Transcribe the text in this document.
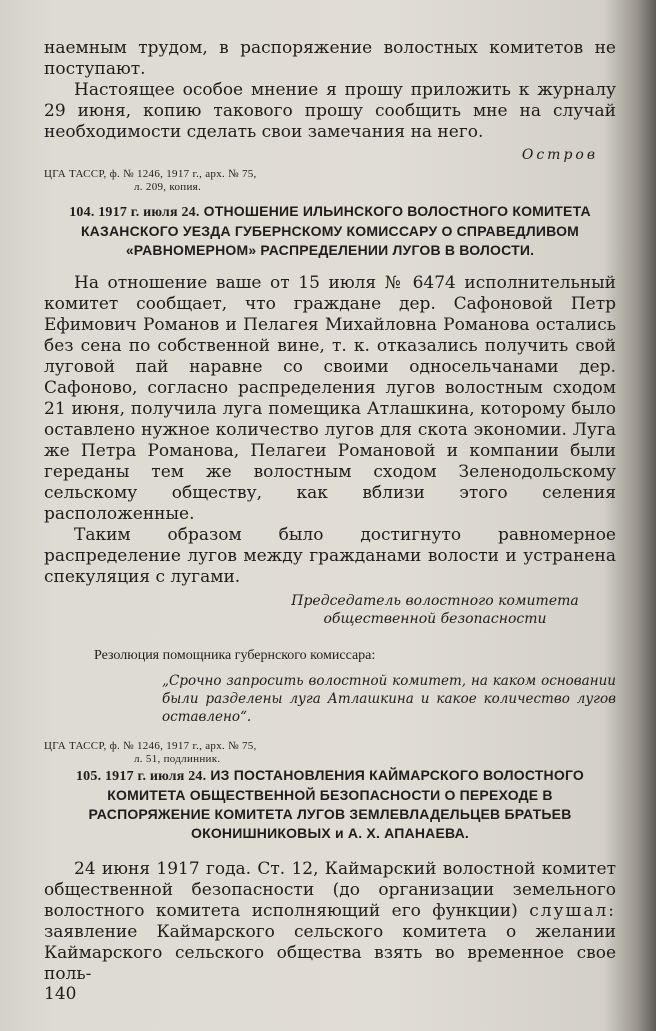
наемным трудом, в распоряжение волостных комитетов не поступают.

Настоящее особое мнение я прошу приложить к журналу 29 июня, копию такового прошу сообщить мне на случай необходимости сделать свои замечания на него.

Остров

ЦГА ТАССР, ф. № 1246, 1917 г., арх. № 75,
л. 209, копия.
104. 1917 г. июля 24. ОТНОШЕНИЕ ИЛЬИНСКОГО ВОЛОСТНОГО КОМИТЕТА КАЗАНСКОГО УЕЗДА ГУБЕРНСКОМУ КОМИССАРУ О СПРАВЕДЛИВОМ «РАВНОМЕРНОМ» РАСПРЕДЕЛЕНИИ ЛУГОВ В ВОЛОСТИ.

На отношение ваше от 15 июля № 6474 исполнительный комитет сообщает, что граждане дер. Сафоновой Петр Ефимович Романов и Пелагея Михайловна Романова остались без сена по собственной вине, т. к. отказались получить свой луговой пай наравне со своими односельчанами дер. Сафоново, согласно распределения лугов волостным сходом 21 июня, получила луга помещика Атлашкина, которому было оставлено нужное количество лугов для скота экономии. Луга же Петра Романова, Пелагеи Романовой и компании были гереданы тем же волостным сходом Зеленодольскому сельскому обществу, как вблизи этого селения расположенные.

Таким образом было достигнуто равномерное распределение лугов между гражданами волости и устранена спекуляция с лугами.

Председатель волостного комитета
общественной безопасности

Резолюция помощника губернского комиссара:

„Срочно запросить волостной комитет, на каком основании были разделены луга Атлашкина и какое количество лугов оставлено“.

ЦГА ТАССР, ф. № 1246, 1917 г., арх. № 75,
л. 51, подлинник.
105. 1917 г. июля 24. ИЗ ПОСТАНОВЛЕНИЯ КАЙМАРСКОГО ВОЛОСТНОГО КОМИТЕТА ОБЩЕСТВЕННОЙ БЕЗОПАСНОСТИ О ПЕРЕХОДЕ В РАСПОРЯЖЕНИЕ КОМИТЕТА ЛУГОВ ЗЕМЛЕВЛАДЕЛЬЦЕВ БРАТЬЕВ ОКОНИШНИКОВЫХ и А. Х. АПАНАЕВА.

24 июня 1917 года. Ст. 12, Каймарский волостной комитет общественной безопасности (до организации земельного волостного комитета исполняющий его функции) слушал: заявление Каймарского сельского комитета о желании Каймарского сельского общества взять во временное свое поль-

140
